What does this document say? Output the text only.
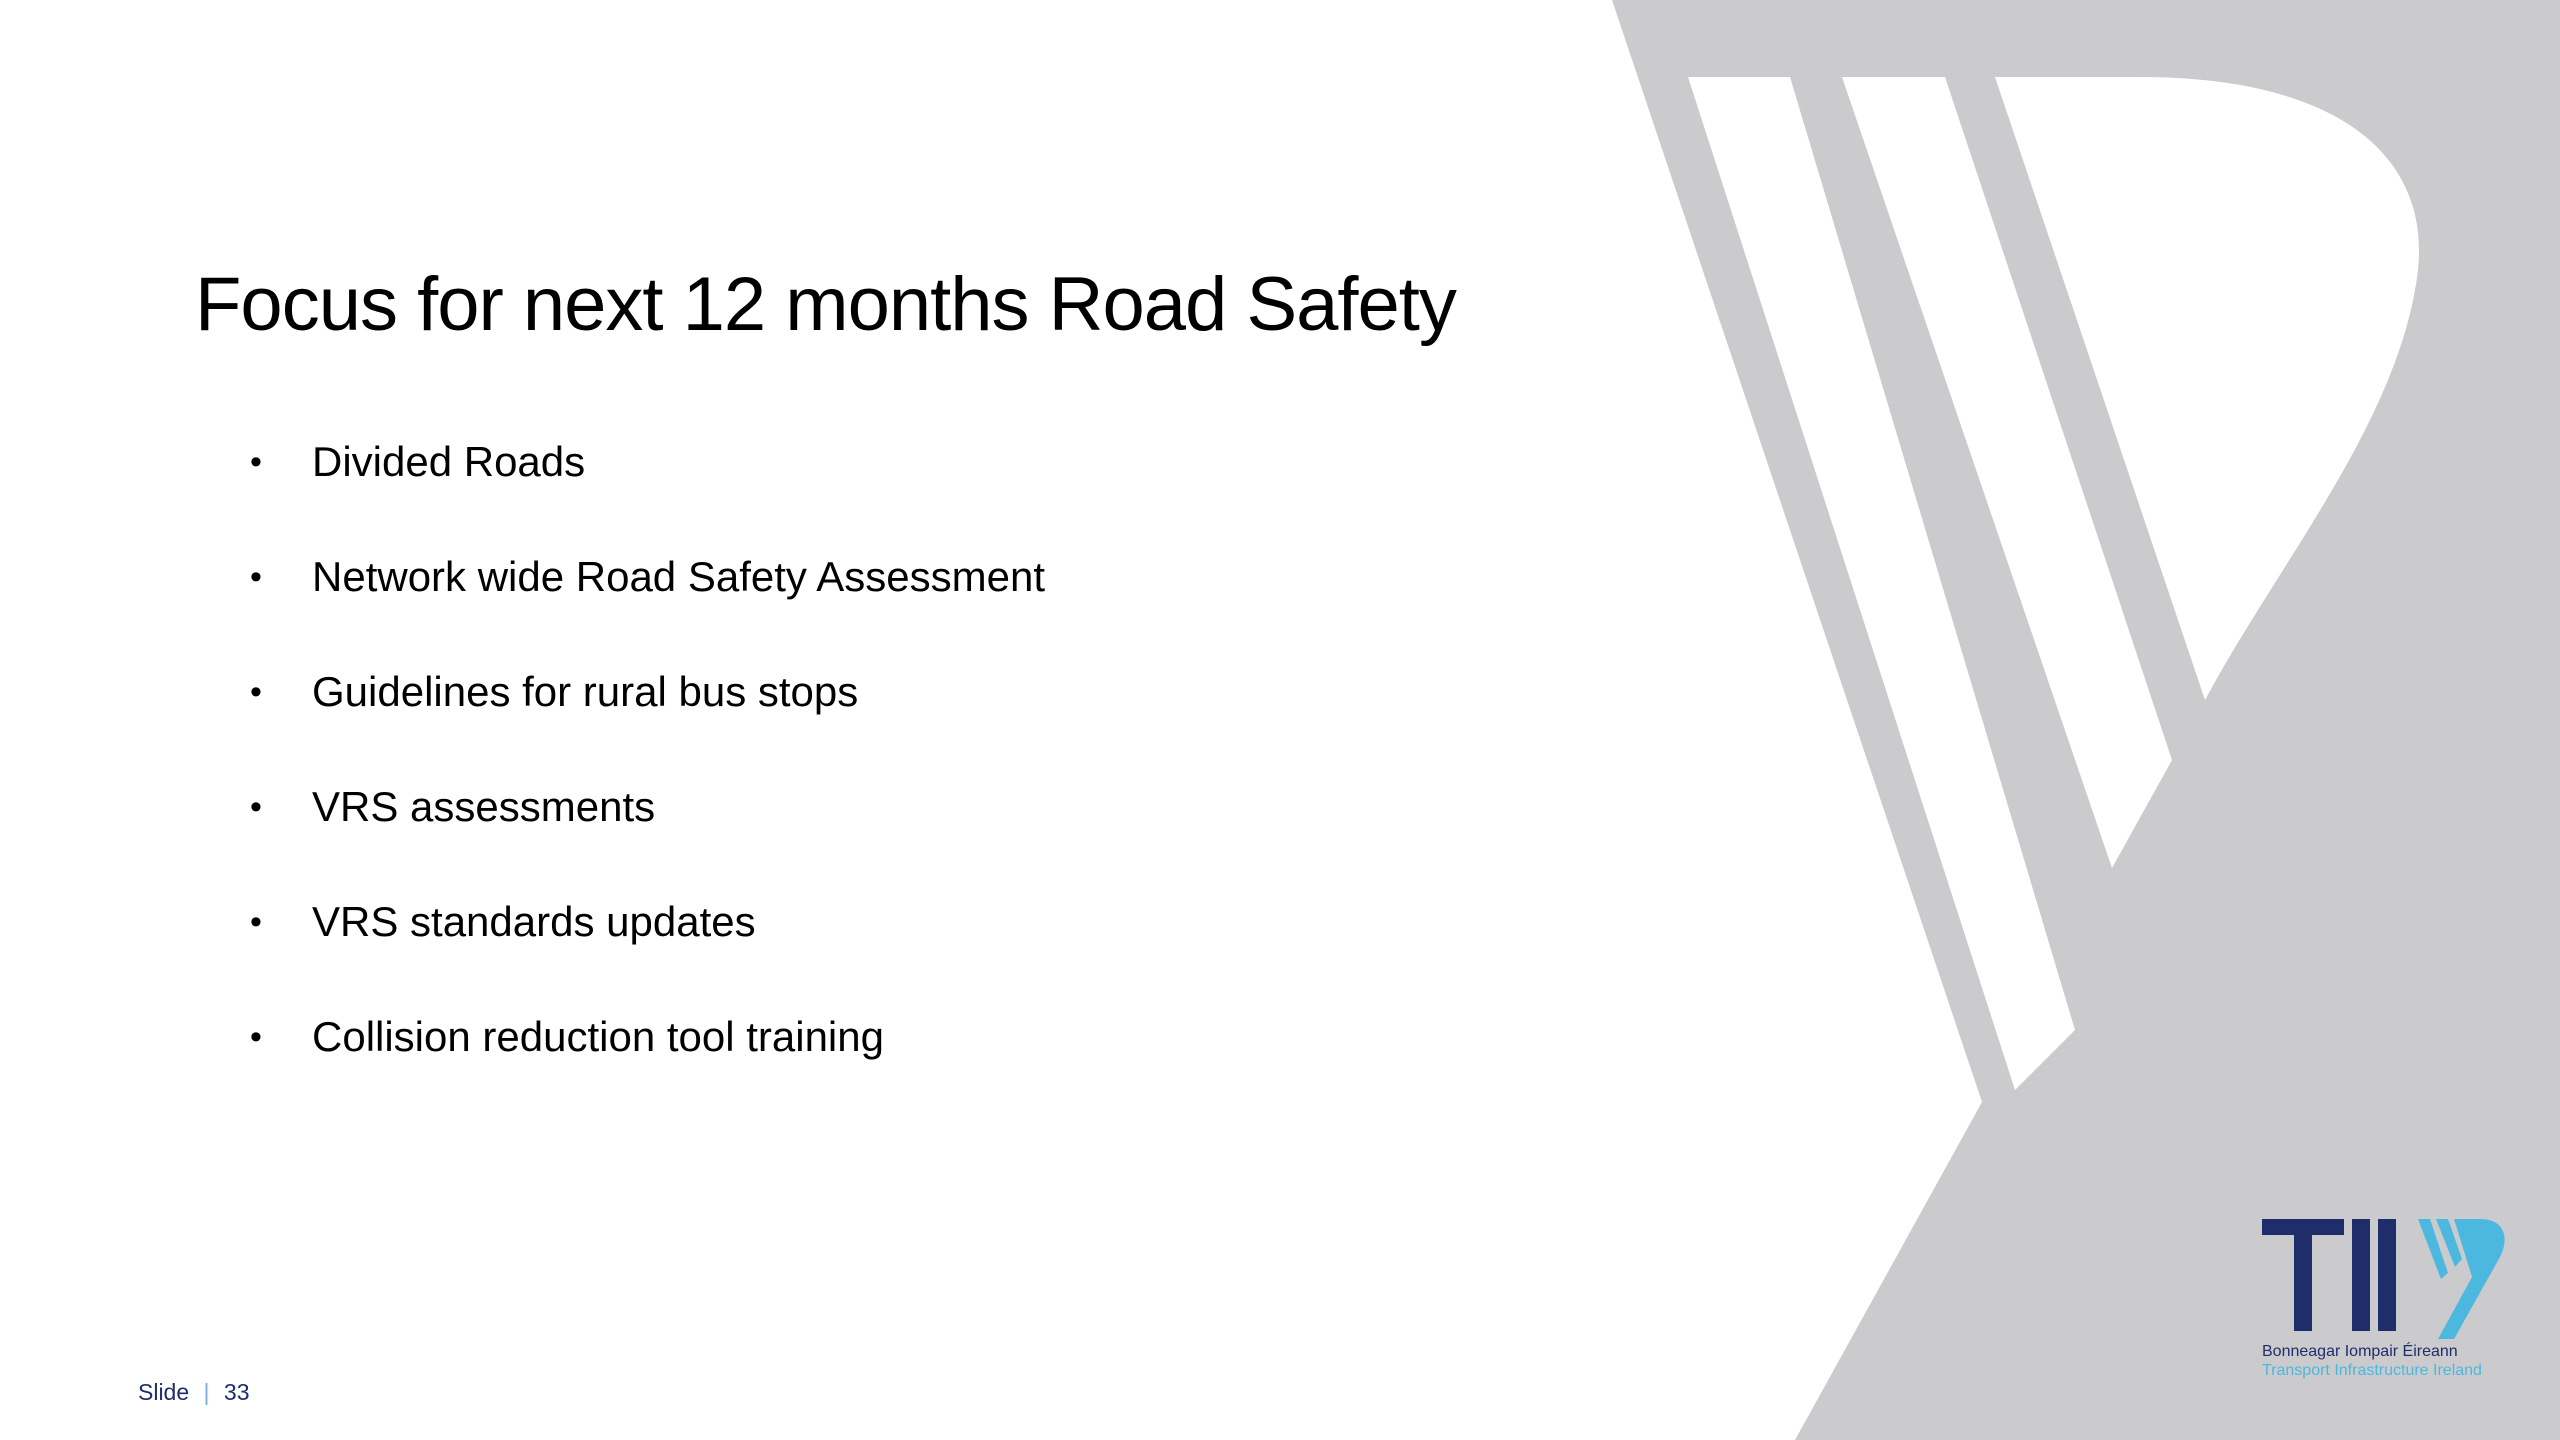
Focus for next 12 months Road Safety
• Divided Roads
• Network wide Road Safety Assessment
• Guidelines for rural bus stops
• VRS assessments
• VRS standards updates
• Collision reduction tool training
Slide | 33
Bonneagar Iompair Éireann
Transport Infrastructure Ireland
